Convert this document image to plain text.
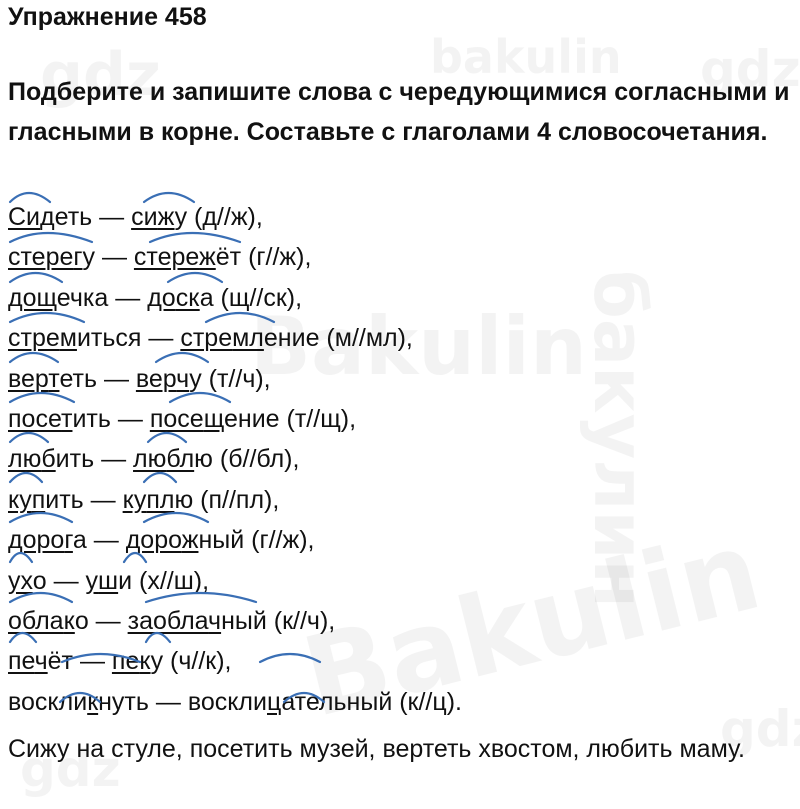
Упражнение 458

Подберите и запишите слова с чередующимися согласными и гласными в корне. Составьте с глаголами 4 словосочетания.

Сидеть — сижу (д//ж),
стерегу — стережёт (г//ж),
дощечка — доска (щ//ск),
стремиться — стремление (м//мл),
вертеть — верчу (т//ч),
посетить — посещение (т//щ),
любить — люблю (б//бл),
купить — куплю (п//пл),
дорога — дорожный (г//ж),
ухо — уши (х//ш),
облако — заоблачный (к//ч),
печёт — пеку (ч//к),
воскликнуть — восклицательный (к//ц).

Сижу на стуле, посетить музей, вертеть хвостом, любить маму.
